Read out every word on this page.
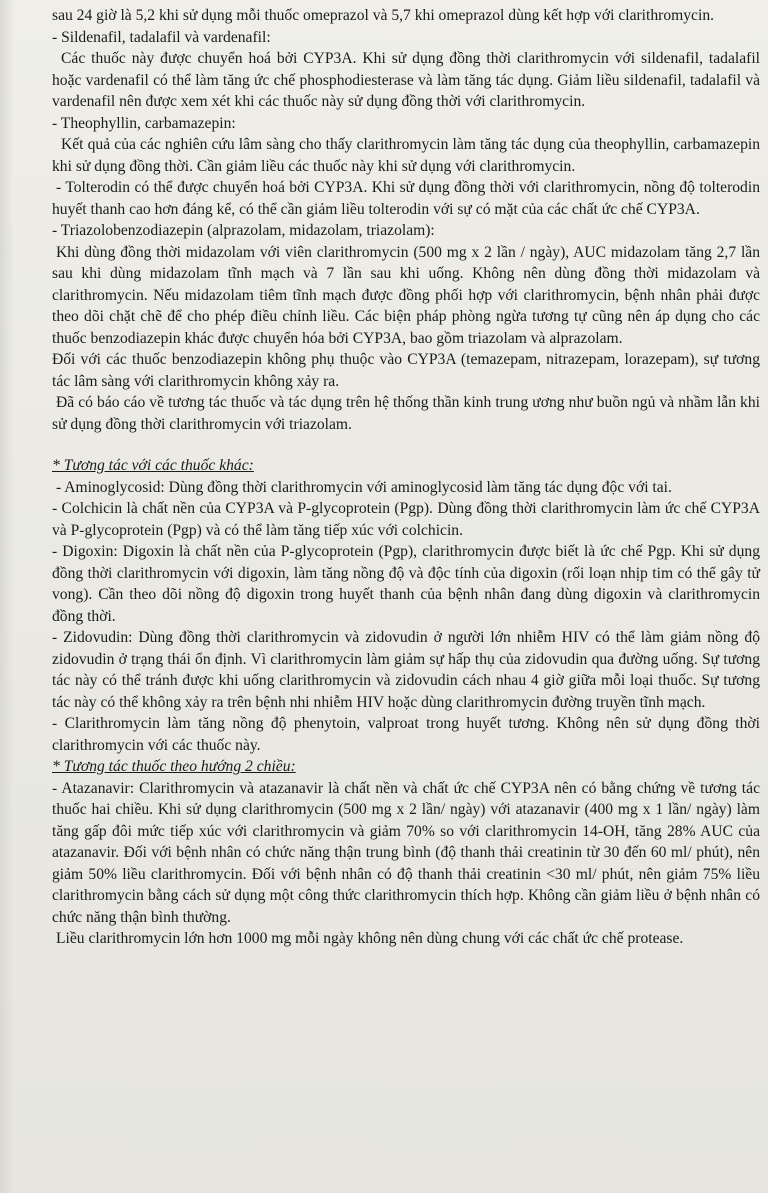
sau 24 giờ là 5,2 khi sử dụng mỗi thuốc omeprazol và 5,7 khi omeprazol dùng kết hợp với clarithromycin.

- Sildenafil, tadalafil và vardenafil:

Các thuốc này được chuyển hoá bởi CYP3A. Khi sử dụng đồng thời clarithromycin với sildenafil, tadalafil hoặc vardenafil có thể làm tăng ức chế phosphodiesterase và làm tăng tác dụng. Giảm liều sildenafil, tadalafil và vardenafil nên được xem xét khi các thuốc này sử dụng đồng thời với clarithromycin.

- Theophyllin, carbamazepin:

Kết quả của các nghiên cứu lâm sàng cho thấy clarithromycin làm tăng tác dụng của theophyllin, carbamazepin khi sử dụng đồng thời. Cần giảm liều các thuốc này khi sử dụng với clarithromycin.

- Tolterodin có thể được chuyển hoá bởi CYP3A. Khi sử dụng đồng thời với clarithromycin, nồng độ tolterodin huyết thanh cao hơn đáng kể, có thể cần giảm liều tolterodin với sự có mặt của các chất ức chế CYP3A.

- Triazolobenzodiazepin (alprazolam, midazolam, triazolam):

Khi dùng đồng thời midazolam với viên clarithromycin (500 mg x 2 lần / ngày), AUC midazolam tăng 2,7 lần sau khi dùng midazolam tĩnh mạch và 7 lần sau khi uống. Không nên dùng đồng thời midazolam và clarithromycin. Nếu midazolam tiêm tĩnh mạch được đồng phối hợp với clarithromycin, bệnh nhân phải được theo dõi chặt chẽ để cho phép điều chỉnh liều. Các biện pháp phòng ngừa tương tự cũng nên áp dụng cho các thuốc benzodiazepin khác được chuyển hóa bởi CYP3A, bao gồm triazolam và alprazolam.

Đối với các thuốc benzodiazepin không phụ thuộc vào CYP3A (temazepam, nitrazepam, lorazepam), sự tương tác lâm sàng với clarithromycin không xảy ra.

Đã có báo cáo về tương tác thuốc và tác dụng trên hệ thống thần kinh trung ương như buồn ngủ và nhầm lẫn khi sử dụng đồng thời clarithromycin với triazolam.

* Tương tác với các thuốc khác:

- Aminoglycosid: Dùng đồng thời clarithromycin với aminoglycosid làm tăng tác dụng độc với tai.

- Colchicin là chất nền của CYP3A và P-glycoprotein (Pgp). Dùng đồng thời clarithromycin làm ức chế CYP3A và P-glycoprotein (Pgp) và có thể làm tăng tiếp xúc với colchicin.

- Digoxin: Digoxin là chất nền của P-glycoprotein (Pgp), clarithromycin được biết là ức chế Pgp. Khi sử dụng đồng thời clarithromycin với digoxin, làm tăng nồng độ và độc tính của digoxin (rối loạn nhịp tim có thể gây tử vong). Cần theo dõi nồng độ digoxin trong huyết thanh của bệnh nhân đang dùng digoxin và clarithromycin đồng thời.

- Zidovudin: Dùng đồng thời clarithromycin và zidovudin ở người lớn nhiễm HIV có thể làm giảm nồng độ zidovudin ở trạng thái ổn định. Vì clarithromycin làm giảm sự hấp thụ của zidovudin qua đường uống. Sự tương tác này có thể tránh được khi uống clarithromycin và zidovudin cách nhau 4 giờ giữa mỗi loại thuốc. Sự tương tác này có thể không xảy ra trên bệnh nhi nhiễm HIV hoặc dùng clarithromycin đường truyền tĩnh mạch.

- Clarithromycin làm tăng nồng độ phenytoin, valproat trong huyết tương. Không nên sử dụng đồng thời clarithromycin với các thuốc này.

* Tương tác thuốc theo hướng 2 chiều:

- Atazanavir: Clarithromycin và atazanavir là chất nền và chất ức chế CYP3A nên có bằng chứng về tương tác thuốc hai chiều. Khi sử dụng clarithromycin (500 mg x 2 lần/ ngày) với atazanavir (400 mg x 1 lần/ ngày) làm tăng gấp đôi mức tiếp xúc với clarithromycin và giảm 70% so với clarithromycin 14-OH, tăng 28% AUC của atazanavir. Đối với bệnh nhân có chức năng thận trung bình (độ thanh thải creatinin từ 30 đến 60 ml/ phút), nên giảm 50% liều clarithromycin. Đối với bệnh nhân có độ thanh thải creatinin <30 ml/ phút, nên giảm 75% liều clarithromycin bằng cách sử dụng một công thức clarithromycin thích hợp. Không cần giảm liều ở bệnh nhân có chức năng thận bình thường.

Liều clarithromycin lớn hơn 1000 mg mỗi ngày không nên dùng chung với các chất ức chế protease.
